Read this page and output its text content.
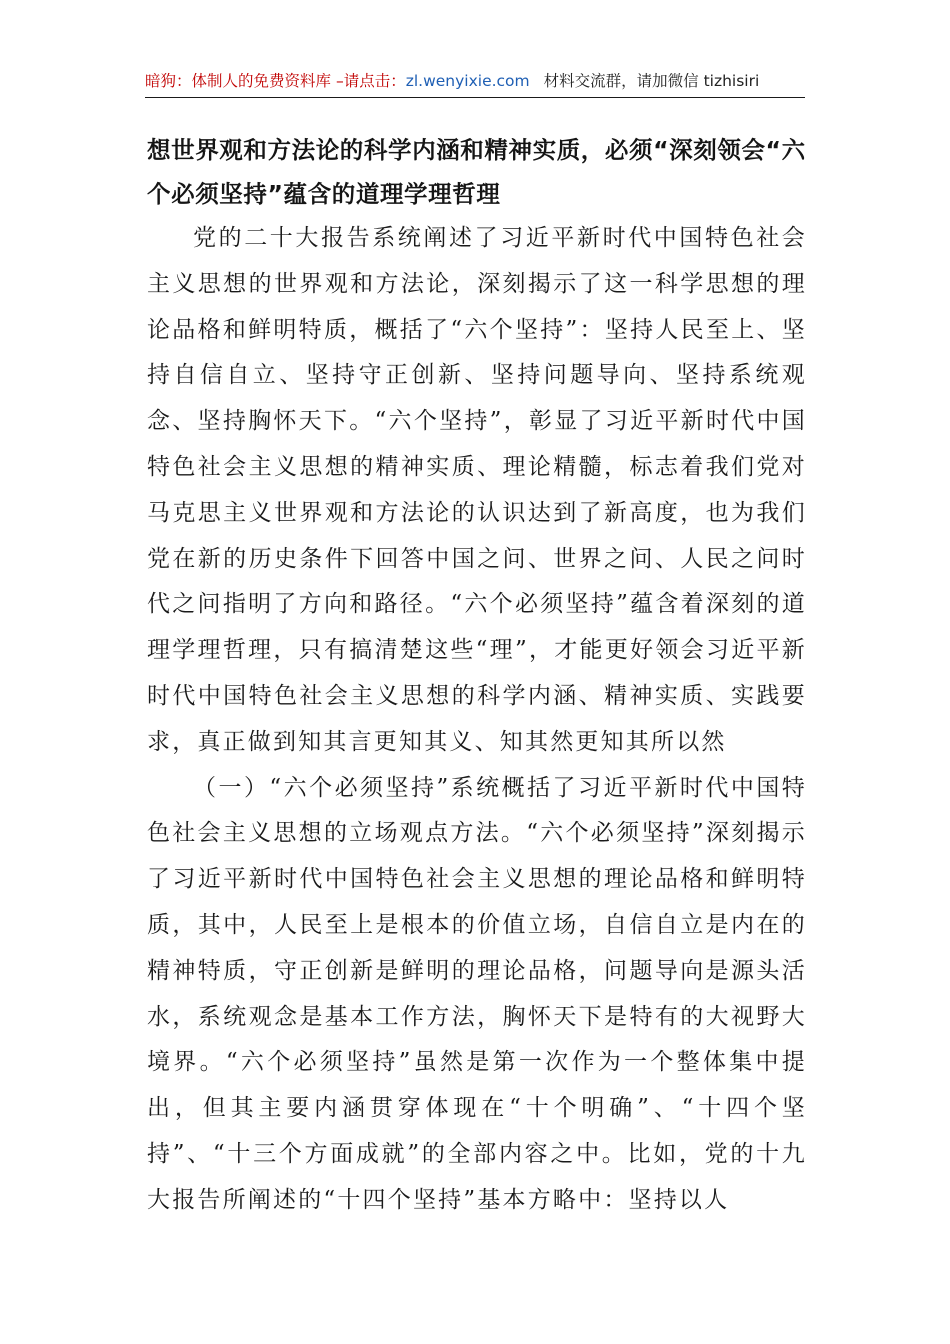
暗狗：体制人的免费资料库 –请点击：zl.wenyixie.com 材料交流群，请加微信 tizhisiri

想世界观和方法论的科学内涵和精神实质，必须“深刻领会“六个必须坚持”蕴含的道理学理哲理

党的二十大报告系统阐述了习近平新时代中国特色社会主义思想的世界观和方法论，深刻揭示了这一科学思想的理论品格和鲜明特质，概括了“六个坚持”：坚持人民至上、坚持自信自立、坚持守正创新、坚持问题导向、坚持系统观念、坚持胸怀天下。“六个坚持”，彰显了习近平新时代中国特色社会主义思想的精神实质、理论精髓，标志着我们党对马克思主义世界观和方法论的认识达到了新高度，也为我们党在新的历史条件下回答中国之问、世界之问、人民之问时代之问指明了方向和路径。“六个必须坚持”蕴含着深刻的道理学理哲理，只有搞清楚这些“理”，才能更好领会习近平新时代中国特色社会主义思想的科学内涵、精神实质、实践要求，真正做到知其言更知其义、知其然更知其所以然

（一）“六个必须坚持”系统概括了习近平新时代中国特色社会主义思想的立场观点方法。“六个必须坚持”深刻揭示了习近平新时代中国特色社会主义思想的理论品格和鲜明特质，其中，人民至上是根本的价值立场，自信自立是内在的精神特质，守正创新是鲜明的理论品格，问题导向是源头活水，系统观念是基本工作方法，胸怀天下是特有的大视野大境界。“六个必须坚持”虽然是第一次作为一个整体集中提出，但其主要内涵贯穿体现在“十个明确”、“十四个坚持”、“十三个方面成就”的全部内容之中。比如，党的十九大报告所阐述的“十四个坚持”基本方略中：坚持以人
